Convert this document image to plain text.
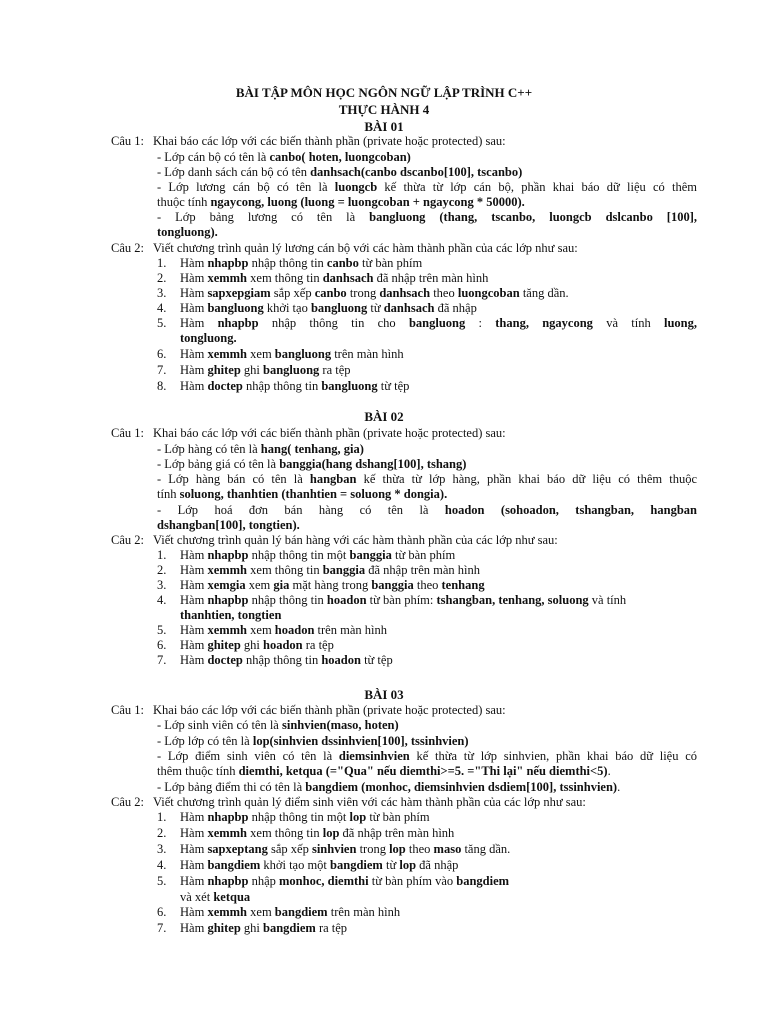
BÀI TẬP MÔN HỌC NGÔN NGỮ LẬP TRÌNH C++
THỰC HÀNH 4
BÀI 01
Câu 1: Khai báo các lớp với các biến thành phần (private hoặc protected) sau:
- Lớp cán bộ có tên là canbo( hoten, luongcoban)
- Lớp danh sách cán bộ có tên danhsach(canbo dscanbo[100], tscanbo)
- Lớp lương cán bộ có tên là luongcb kế thừa từ lớp cán bộ, phần khai báo dữ liệu có thêm
thuộc tính ngaycong, luong (luong = luongcoban + ngaycong * 50000).
- Lớp bảng lương có tên là bangluong (thang, tscanbo, luongcb dslcanbo [100],
tongluong).
Câu 2: Viết chương trình quản lý lương cán bộ với các hàm thành phần của các lớp như sau:
BÀI 02
Câu 1: Khai báo các lớp với các biến thành phần (private hoặc protected) sau:
- Lớp hàng có tên là hang( tenhang, gia)
- Lớp bảng giá có tên là banggia(hang dshang[100], tshang)
- Lớp hàng bán có tên là hangban kế thừa từ lớp hàng, phần khai báo dữ liệu có thêm thuộc
tính soluong, thanhtien (thanhtien = soluong * dongia).
- Lớp hoá đơn bán hàng có tên là hoadon (sohoadon, tshangban, hangban
dshangban[100], tongtien).
Câu 2: Viết chương trình quản lý bán hàng với các hàm thành phần của các lớp như sau:
BÀI 03
Câu 1: Khai báo các lớp với các biến thành phần (private hoặc protected) sau:
- Lớp sinh viên có tên là sinhvien(maso, hoten)
- Lớp lớp có tên là lop(sinhvien dssinhvien[100], tssinhvien)
- Lớp điểm sinh viên có tên là diemsinhvien kế thừa từ lớp sinhvien, phần khai báo dữ liệu có
thêm thuộc tính diemthi, ketqua (="Qua" nếu diemthi>=5. ="Thi lại" nếu diemthi<5).
- Lớp bảng điểm thi có tên là bangdiem (monhoc, diemsinhvien dsdiem[100], tssinhvien).
Câu 2: Viết chương trình quản lý điểm sinh viên với các hàm thành phần của các lớp như sau:
1. Hàm nhapbp nhập thông tin canbo từ bàn phím
2. Hàm xemmh xem thông tin danhsach đã nhập trên màn hình
3. Hàm sapxepgiam sắp xếp canbo trong danhsach theo luongcoban tăng dần.
4. Hàm bangluong khởi tạo bangluong từ danhsach đã nhập
5. Hàm nhapbp nhập thông tin cho bangluong : thang, ngaycong và tính luong,
tongluong.
6. Hàm xemmh xem bangluong trên màn hình
7. Hàm ghitep ghi bangluong ra tệp
8. Hàm doctep nhập thông tin bangluong từ tệp
1. Hàm nhapbp nhập thông tin một banggia từ bàn phím
2. Hàm xemmh xem thông tin banggia đã nhập trên màn hình
3. Hàm xemgia xem gia mặt hàng trong banggia theo tenhang
4. Hàm nhapbp nhập thông tin hoadon từ bàn phím: tshangban, tenhang, soluong và tính
thanhtien, tongtien
5. Hàm xemmh xem hoadon trên màn hình
6. Hàm ghitep ghi hoadon ra tệp
7. Hàm doctep nhập thông tin hoadon từ tệp
1. Hàm nhapbp nhập thông tin một lop từ bàn phím
2. Hàm xemmh xem thông tin lop đã nhập trên màn hình
3. Hàm sapxeptang sắp xếp sinhvien trong lop theo maso tăng dần.
4. Hàm bangdiem khởi tạo một bangdiem từ lop đã nhập
5. Hàm nhapbp nhập monhoc, diemthi từ bàn phím vào bangdiem
và xét ketqua
6. Hàm xemmh xem bangdiem trên màn hình
7. Hàm ghitep ghi bangdiem ra tệp
